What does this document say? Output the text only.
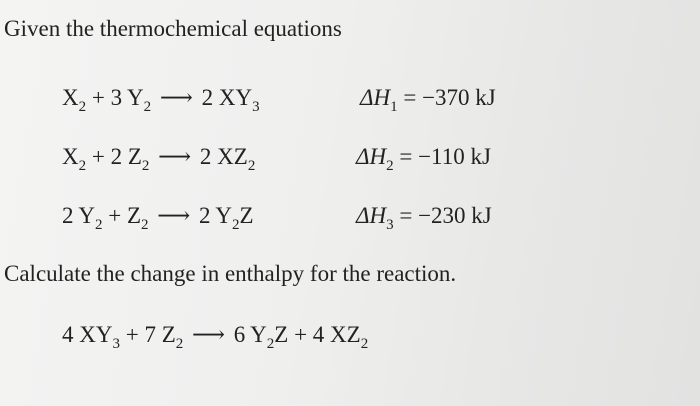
Given the thermochemical equations
$X_2 + 3$ $Y_2$ ⟶ 2 $XY_3$	$\Delta H_1 = -370$ kJ
$X_2 + 2$ $Z_2$ ⟶ 2 $XZ_2$	$\Delta H_2 = -110$ kJ
2 $Y_2 + Z_2$ ⟶ 2 $Y_2Z$	$\Delta H_3 = -230$ kJ
Calculate the change in enthalpy for the reaction.
4 $XY_3 + 7$ $Z_2$ ⟶ 6 $Y_2Z + 4$ $XZ_2$
